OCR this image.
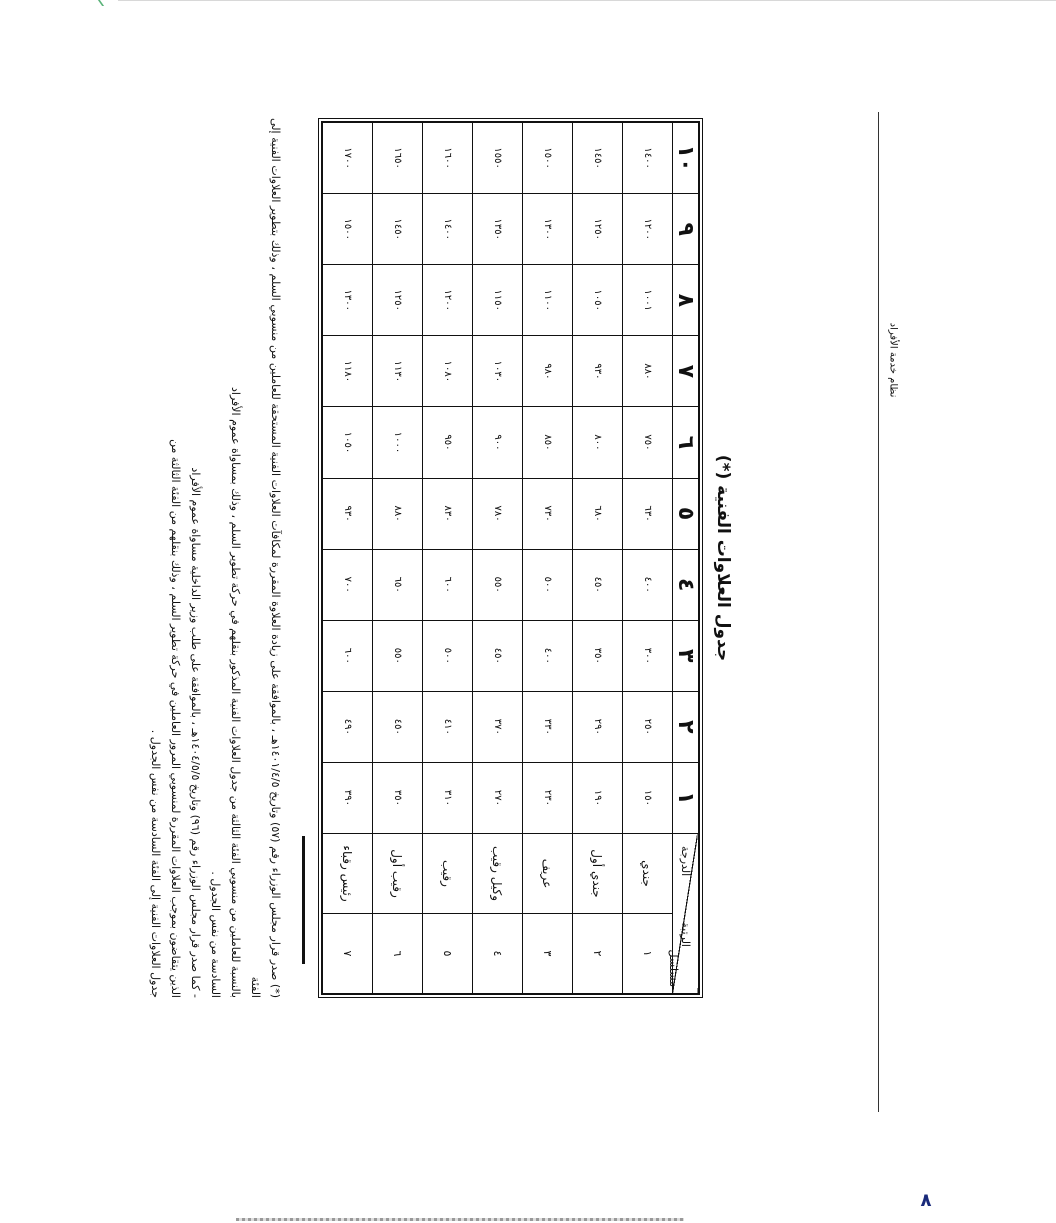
نظام خدمة الأفراد
جدول العلاوات الفنية (*)
مسلسل
الرتبة
الدرجة		١	٢	٣	٤	٥	٦	٧	٨	٩	١٠
١	جندي	١٥٠	٢٥٠	٣٠٠	٤٠٠	٦٣٠	٧٥٠	٨٨٠	١٠٠١	١٢٠٠	١٤٠٠
٢	جندي أول	١٩٠	٢٩٠	٣٥٠	٤٥٠	٦٨٠	٨٠٠	٩٣٠	١٠٥٠	١٢٥٠	١٤٥٠
٣	عريف	٢٣٠	٣٣٠	٤٠٠	٥٠٠	٧٣٠	٨٥٠	٩٨٠	١١٠٠	١٣٠٠	١٥٠٠
٤	وكيل رقيب	٢٧٠	٣٧٠	٤٥٠	٥٥٠	٧٨٠	٩٠٠	١٠٣٠	١١٥٠	١٣٥٠	١٥٥٠
٥	رقيب	٣١٠	٤١٠	٥٠٠	٦٠٠	٨٣٠	٩٥٠	١٠٨٠	١٢٠٠	١٤٠٠	١٦٠٠
٦	رقيب أول	٣٥٠	٤٥٠	٥٥٠	٦٥٠	٨٨٠	١٠٠٠	١١٣٠	١٢٥٠	١٤٥٠	١٦٥٠
٧	رئيس رقباء	٣٩٠	٤٩٠	٦٠٠	٧٠٠	٩٣٠	١٠٥٠	١١٨٠	١٣٠٠	١٥٠٠	١٧٠٠

(*) صدر قرار مجلس الوزراء رقم (٥٧) وتاريخ ١٤٠١/٤/٥هـ ، بالموافقة على زيادة العلاوة المقررة لمكافآت العلاوات الفنية المستحقة للعاملين من منسوبي السلم ، وذلك بتطوير العلاوات الفنية إلى الفئة

بالنسبة للعاملين من منسوبي الفئة الثالثة من جدول العلاوات الفنية المذكور بنقلهم في حركة تطوير السلم ، وذلك بمساواة عموم الأفراد

السادسة من نفس الجدول .

- كما صدر قرار مجلس الوزراء رقم (٩٦) وتاريخ ١٤٠٤/٥/٥هـ ، بالموافقة على طلب وزير الداخلية مساواة عموم الأفراد

الذين يتقاضون بموجب العلاوات المقررة لمنسوبي المرور العاملين في حركة تطوير السلم ، وذلك بنقلهم من الفئة الثالثة من

جدول العلاوات الفنية إلى الفئة السادسة من نفس الجدول .

٨
